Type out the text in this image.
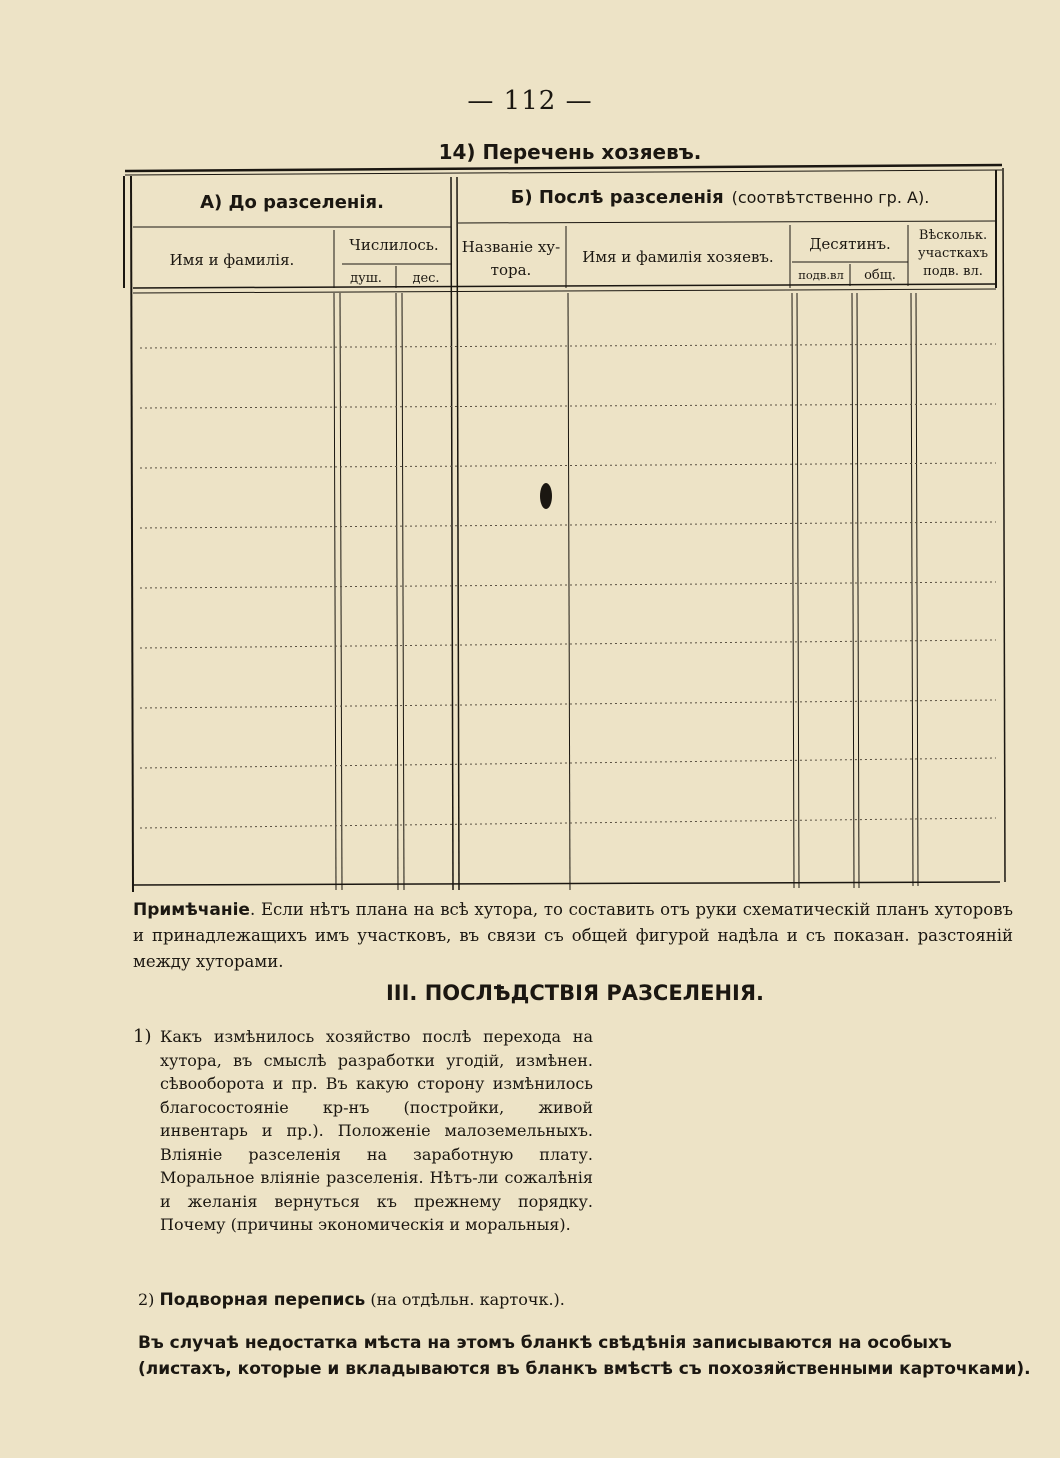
— 112 —
14) Перечень хозяевъ.
А) До разселенія.
Имя и фамилія.
Числилось.
душ. дес.
Б) Послѣ разселенія (соотвѣтственно гр. А).
Названіе ху-
тора.
Имя и фамилія хозяевъ.
Десятинъ.
подв.вл общ.
Вѣскольк.
участкахъ
подв. вл.
Примѣчаніе. Если нѣтъ плана на всѣ хутора, то составить отъ руки схематическій планъ хуторовъ и принадлежащихъ имъ участковъ, въ связи съ общей фигурой надѣла и съ показан. разстояній между хуторами.
III. ПОСЛѢДСТВІЯ РАЗСЕЛЕНІЯ.
1) Какъ измѣнилось хозяйство послѣ перехода на хутора, въ смыслѣ разработки угодій, измѣнен. сѣвооборота и пр. Въ какую сторону измѣнилось благосостояніе кр-нъ (постройки, живой инвентарь и пр.). Положеніе малоземельныхъ. Вліяніе разселенія на заработную плату. Моральное вліяніе разселенія. Нѣтъ-ли сожалѣнія и желанія вернуться къ прежнему порядку. Почему (причины экономическія и моральныя).
2) Подворная перепись (на отдѣльн. карточк.).
Въ случаѣ недостатка мѣста на этомъ бланкѣ свѣдѣнія записываются на особыхъ (листахъ, которые и вкладываются въ бланкъ вмѣстѣ съ похозяйственными карточками).
